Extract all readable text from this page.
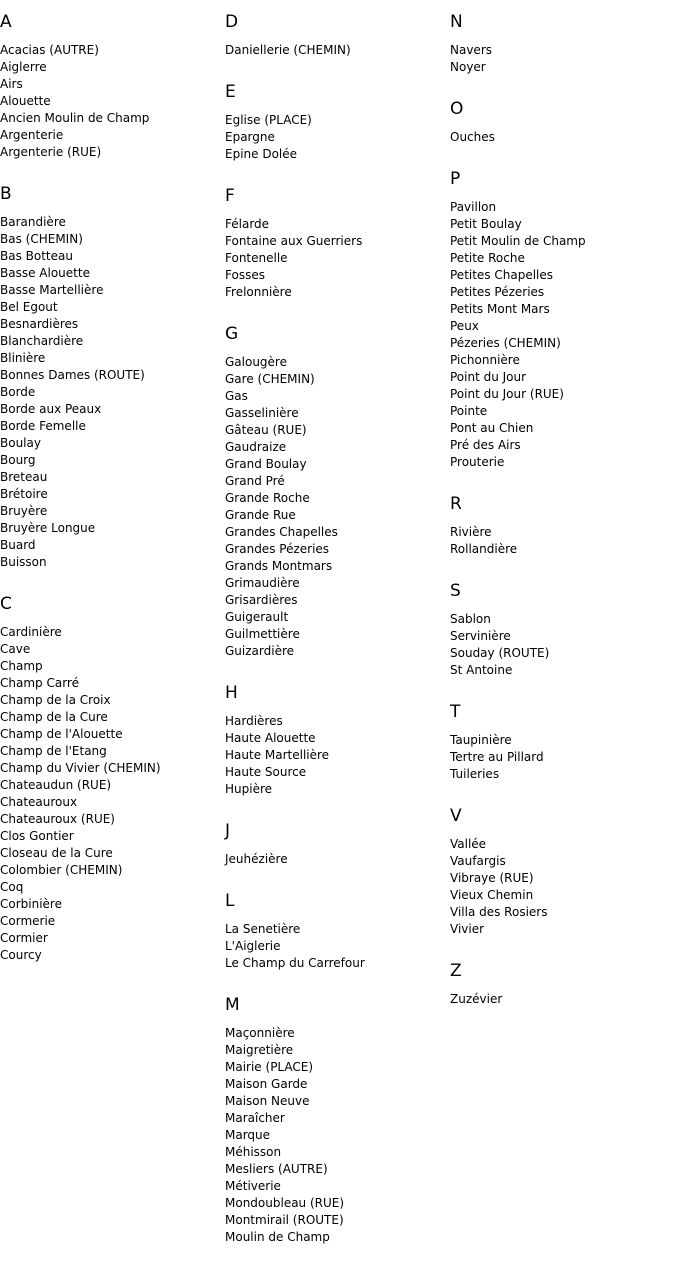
A
Acacias (AUTRE)
Aiglerre
Airs
Alouette
Ancien Moulin de Champ
Argenterie
Argenterie (RUE)
B
Barandière
Bas (CHEMIN)
Bas Botteau
Basse Alouette
Basse Martellière
Bel Egout
Besnardières
Blanchardière
Blinière
Bonnes Dames (ROUTE)
Borde
Borde aux Peaux
Borde Femelle
Boulay
Bourg
Breteau
Brétoire
Bruyère
Bruyère Longue
Buard
Buisson
C
Cardinière
Cave
Champ
Champ Carré
Champ de la Croix
Champ de la Cure
Champ de l'Alouette
Champ de l'Etang
Champ du Vivier (CHEMIN)
Chateaudun (RUE)
Chateauroux
Chateauroux (RUE)
Clos Gontier
Closeau de la Cure
Colombier (CHEMIN)
Coq
Corbinière
Cormerie
Cormier
Courcy
D
Daniellerie (CHEMIN)
E
Eglise (PLACE)
Epargne
Epine Dolée
F
Félarde
Fontaine aux Guerriers
Fontenelle
Fosses
Frelonnière
G
Galougère
Gare (CHEMIN)
Gas
Gasselinière
Gâteau (RUE)
Gaudraize
Grand Boulay
Grand Pré
Grande Roche
Grande Rue
Grandes Chapelles
Grandes Pézeries
Grands Montmars
Grimaudière
Grisardières
Guigerault
Guilmettière
Guizardière
H
Hardières
Haute Alouette
Haute Martellière
Haute Source
Hupière
J
Jeuhézière
L
La Senetière
L'Aiglerie
Le Champ du Carrefour
M
Maçonnière
Maigretière
Mairie (PLACE)
Maison Garde
Maison Neuve
Maraîcher
Marque
Méhisson
Mesliers (AUTRE)
Métiverie
Mondoubleau (RUE)
Montmirail (ROUTE)
Moulin de Champ
N
Navers
Noyer
O
Ouches
P
Pavillon
Petit Boulay
Petit Moulin de Champ
Petite Roche
Petites Chapelles
Petites Pézeries
Petits Mont Mars
Peux
Pézeries (CHEMIN)
Pichonnière
Point du Jour
Point du Jour (RUE)
Pointe
Pont au Chien
Pré des Airs
Prouterie
R
Rivière
Rollandière
S
Sablon
Servinière
Souday (ROUTE)
St Antoine
T
Taupinière
Tertre au Pillard
Tuileries
V
Vallée
Vaufargis
Vibraye (RUE)
Vieux Chemin
Villa des Rosiers
Vivier
Z
Zuzévier
